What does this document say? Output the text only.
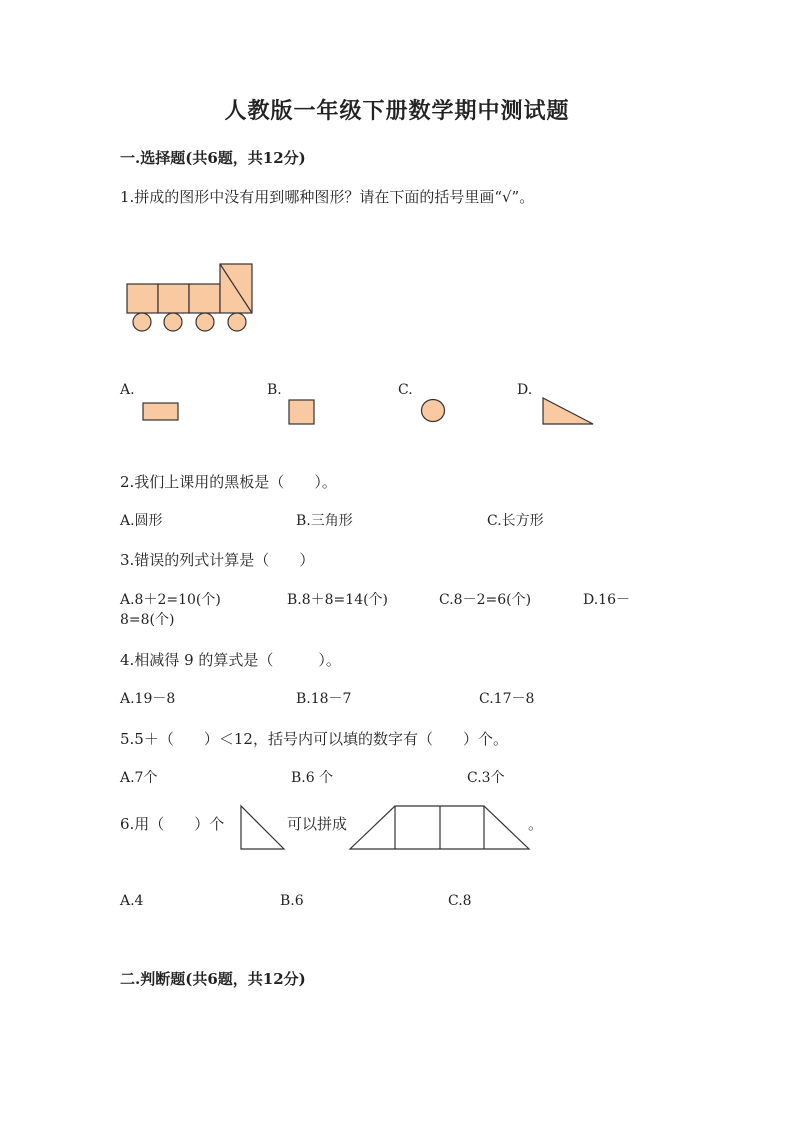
人教版一年级下册数学期中测试题
一.选择题(共6题，共12分)
1.拼成的图形中没有用到哪种图形？请在下面的括号里画“√”。
A.	B.	C.	D.
2.我们上课用的黑板是（　　）。
A.圆形	B.三角形	C.长方形
3.错误的列式计算是（　　）
A.8＋2=10(个)	B.8＋8=14(个)	C.8－2=6(个)	D.16－
8=8(个)
4.相减得 9 的算式是（　　　）。
A.19－8	B.18－7	C.17－8
5.5＋（　　）＜12，括号内可以填的数字有（　　）个。
A.7个	B.6 个	C.3个
6.用（　　）个	可以拼成	。
A.4	B.6	C.8
二.判断题(共6题，共12分)
